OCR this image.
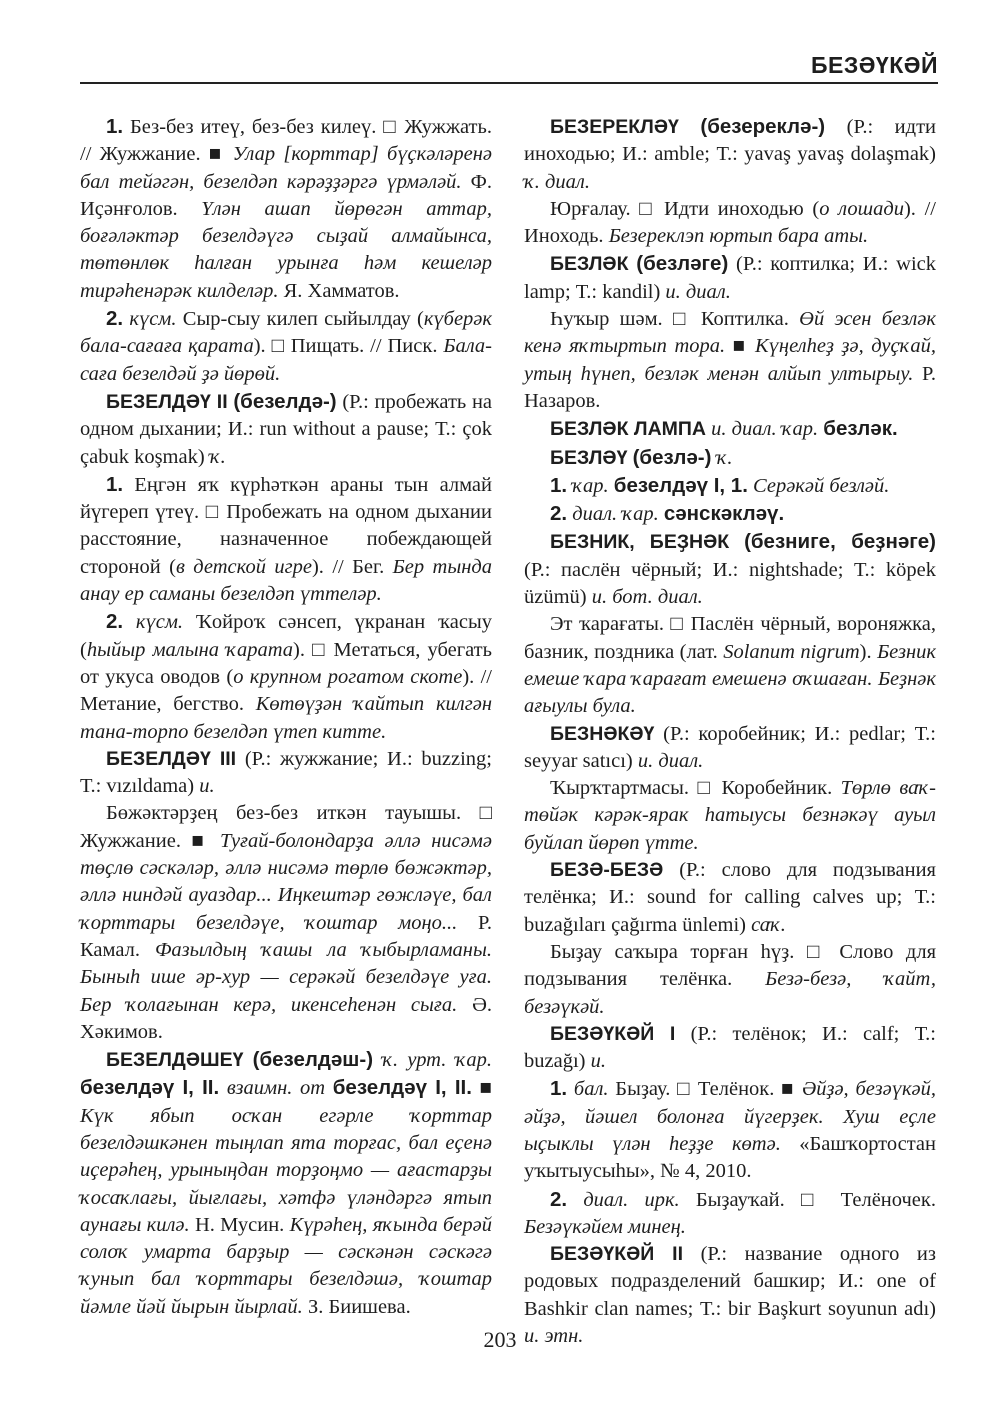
БЕЗӘҮКӘЙ

1. Без-без итеү, без-без килеү. □ Жужжать. // Жужжание. ■ Улар [корттар] бүҫкәләренә бал тейәгән, безелдәп кәрәҙҙәргә үрмәләй. Ф. Иҫәнғолов. Үлән ашап йөрөгән аттар, боғәләктәр безелдәүгә сыҙай алмайынса, төтөнлөк һалған урынға һәм кешеләр тирәһенәрәк килделәр. Я. Хамматов.

2. күсм. Сыр-сыу килеп сыйылдау (күберәк бала-сағаға қарата). □ Пищать. // Писк. Бала-саға безелдәй ҙә йөрөй.

БЕЗЕЛДӘҮ II (безелдә-) (Р.: пробежать на одном дыхании; И.: run without a pause; Т.: çok çabuk koşmak) ҡ.

1. Еңгән яҡ күрһәткән араны тын алмай йүгереп үтеү. □ Пробежать на одном дыхании расстояние, назначенное побеждающей стороной (в детской игре). // Бег. Бер тында анау ер саманы безелдәп үттеләр.

2. күсм. Ҡойроҡ сәнсеп, үкранан ҡасыу (һыйыр малына ҡарата). □ Метаться, убегать от укуса оводов (о крупном рогатом скоте). // Метание, бегство. Көтөүҙән ҡайтып килгән тана-торпо безелдәп үтеп китте.

БЕЗЕЛДӘҮ III (Р.: жужжание; И.: buzzing; Т.: vızıldama) и.

Бөжәктәрҙең без-без иткән тауышы. □ Жужжание. ■ Туғай-болондарҙа әллә нисәмә төҫлө сәскәләр, әллә нисәмә төрлө бөжәктәр, әллә ниндәй ауаздар... Иңкештәр гөжләүе, бал ҡорттары безелдәүе, ҡоштар моңо... Р. Камал. Фазылдың ҡашы ла ҡыбырламаны. Быныһ ише әр-хур — серәкәй безелдәүе уға. Бер ҡолағынан керә, икенсеһенән сыға. Ә. Хәкимов.

БЕЗЕЛДӘШЕҮ (безелдәш-) ҡ. урт. ҡар. безелдәү I, II. взаимн. от безелдәү I, II. ■ Күк ябып осҡан егәрле ҡорттар безелдәшкәнен тыңлап ята торғас, бал еҫенә иҫерәһең, урыныңдан торҙоңмо — ағастарҙы ҡосаҡлағы, йығлағы, хәтфә үләндәргә ятып аунағы килә. Н. Мусин. Күрәһең, яҡында берәй солоҡ умарта барҙыр — сәскәнән сәскәгә ҡунып бал ҡорттары безелдәшә, ҡоштар йәмле йәй йырын йырлай. З. Биишева.

БЕЗЕРЕКЛӘҮ (безереклә-) (Р.: идти иноходью; И.: amble; Т.: yavaş yavaş dolaşmak) ҡ. диал.

Юрғалау. □ Идти иноходью (о лошади). // Иноходь. Безереклэп юртып бара аты.

БЕЗЛӘК (безләге) (Р.: коптилка; И.: wick lamp; Т.: kandil) и. диал.

Һуҡыр шәм. □ Коптилка. Өй эсен безләк кенә яҡтыртып тора. ■ Күңелһеҙ ҙә, дуҫҡай, утың һүнеп, безләк менән алйып ултырыу. Р. Назаров.

БЕЗЛӘК ЛАМПА и. диал. ҡар. безләк.

БЕЗЛӘҮ (безлә-) ҡ.

1. ҡар. безелдәү I, 1. Серәкәй безләй.

2. диал. ҡар. сәнскәкләү.

БЕЗНИК, БЕҘНӘК (безниге, беҙнәге) (Р.: паслён чёрный; И.: nightshade; Т.: köpek üzümü) и. бот. диал.

Эт ҡарағаты. □ Паслён чёрный, вороняжка, базник, поздника (лат. Solanum nigrum). Безник емеше ҡара ҡарағат емешенә оҡшаған. Беҙнәк ағыулы була.

БЕЗНӘКӘҮ (Р.: коробейник; И.: pedlar; Т.: seyyar satıcı) и. диал.

Ҡырҡтартмасы. □ Коробейник. Төрлө ваҡ-төйәк кәрәк-ярак һатыусы безнәкәү ауыл буйлап йөрөп үтте.

БЕЗӘ-БЕЗӘ (Р.: слово для подзывания телёнка; И.: sound for calling calves up; Т.: buzağıları çağırma ünlemi) саҡ.

Быҙау саҡыра торған һүҙ. □ Слово для подзывания телёнка. Безә-безә, ҡайт, безәүкәй.

БЕЗӘҮКӘЙ I (Р.: телёнок; И.: calf; Т.: buzağı) и.

1. бал. Быҙау. □ Телёнок. ■ Әйҙә, безәүкәй, әйҙә, йәшел болонға йүгерҙек. Хуш еҫле ыҫыклы үлән һеҙҙе көтә. «Башҡортостан уҡытыусыһы», № 4, 2010.

2. диал. ирк. Быҙауҡай. □ Телёночек. Безәүкәйем минең.

БЕЗӘҮКӘЙ II (Р.: название одного из родовых подразделений башкир; И.: one of Bashkir clan names; Т.: bir Başkurt soyunun adı) и. этн.

203
